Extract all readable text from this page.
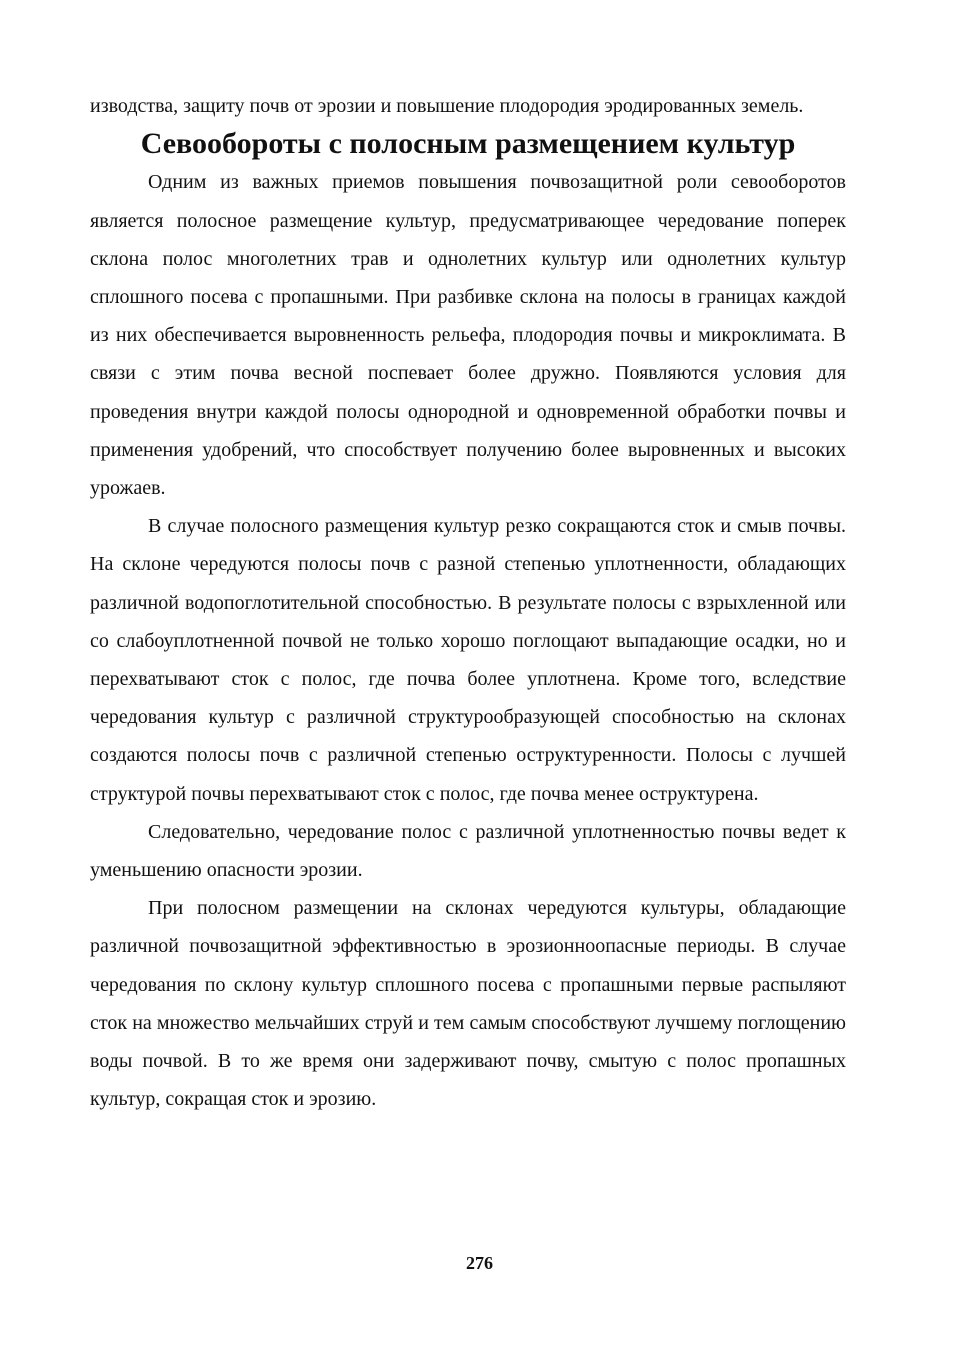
изводства, защиту почв от эрозии и повышение плодородия эродированных земель.

Севообороты с полосным размещением культур

Одним из важных приемов повышения почвозащитной роли севооборотов является полосное размещение культур, предусматривающее чередование поперек склона полос многолетних трав и однолетних культур или однолетних культур сплошного посева с пропашными. При разбивке склона на полосы в границах каждой из них обеспечивается выровненность рельефа, плодородия почвы и микроклимата. В связи с этим почва весной поспевает более дружно. Появляются условия для проведения внутри каждой полосы однородной и одновременной обработки почвы и применения удобрений, что способствует получению более выровненных и высоких урожаев.

В случае полосного размещения культур резко сокращаются сток и смыв почвы. На склоне чередуются полосы почв с разной степенью уплотненности, обладающих различной водопоглотительной способностью. В результате полосы с взрыхленной или со слабоуплотненной почвой не только хорошо поглощают выпадающие осадки, но и перехватывают сток с полос, где почва более уплотнена. Кроме того, вследствие чередования культур с различной структурообразующей способностью на склонах создаются полосы почв с различной степенью оструктуренности. Полосы с лучшей структурой почвы перехватывают сток с полос, где почва менее оструктурена.

Следовательно, чередование полос с различной уплотненностью почвы ведет к уменьшению опасности эрозии.

При полосном размещении на склонах чередуются культуры, обладающие различной почвозащитной эффективностью в эрозионноопасные периоды. В случае чередования по склону культур сплошного посева с пропашными первые распыляют сток на множество мельчайших струй и тем самым способствуют лучшему поглощению воды почвой. В то же время они задерживают почву, смытую с полос пропашных культур, сокращая сток и эрозию.

276
